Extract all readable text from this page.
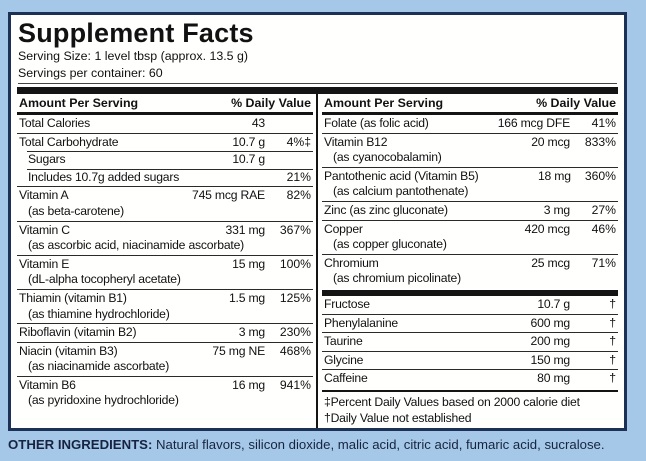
Supplement Facts
Serving Size: 1 level tbsp (approx. 13.5 g)
Servings per container: 60
Amount Per Serving	% Daily Value
Total Calories	43
Total Carbohydrate	10.7 g	4%‡
Sugars	10.7 g
Includes 10.7g added sugars	21%
Vitamin A	745 mcg RAE	82%
(as beta-carotene)
Vitamin C	331 mg	367%
(as ascorbic acid, niacinamide ascorbate)
Vitamin E	15 mg	100%
(dL-alpha tocopheryl acetate)
Thiamin (vitamin B1)	1.5 mg	125%
(as thiamine hydrochloride)
Riboflavin (vitamin B2)	3 mg	230%
Niacin (vitamin B3)	75 mg NE	468%
(as niacinamide ascorbate)
Vitamin B6	16 mg	941%
(as pyridoxine hydrochloride)
Amount Per Serving	% Daily Value
Folate (as folic acid)	166 mcg DFE	41%
Vitamin B12	20 mcg	833%
(as cyanocobalamin)
Pantothenic acid (Vitamin B5)	18 mg	360%
(as calcium pantothenate)
Zinc (as zinc gluconate)	3 mg	27%
Copper	420 mcg	46%
(as copper gluconate)
Chromium	25 mcg	71%
(as chromium picolinate)
Fructose	10.7 g	†
Phenylalanine	600 mg	†
Taurine	200 mg	†
Glycine	150 mg	†
Caffeine	80 mg	†
‡Percent Daily Values based on 2000 calorie diet
†Daily Value not established
OTHER INGREDIENTS: Natural flavors, silicon dioxide, malic acid, citric acid, fumaric acid, sucralose.
